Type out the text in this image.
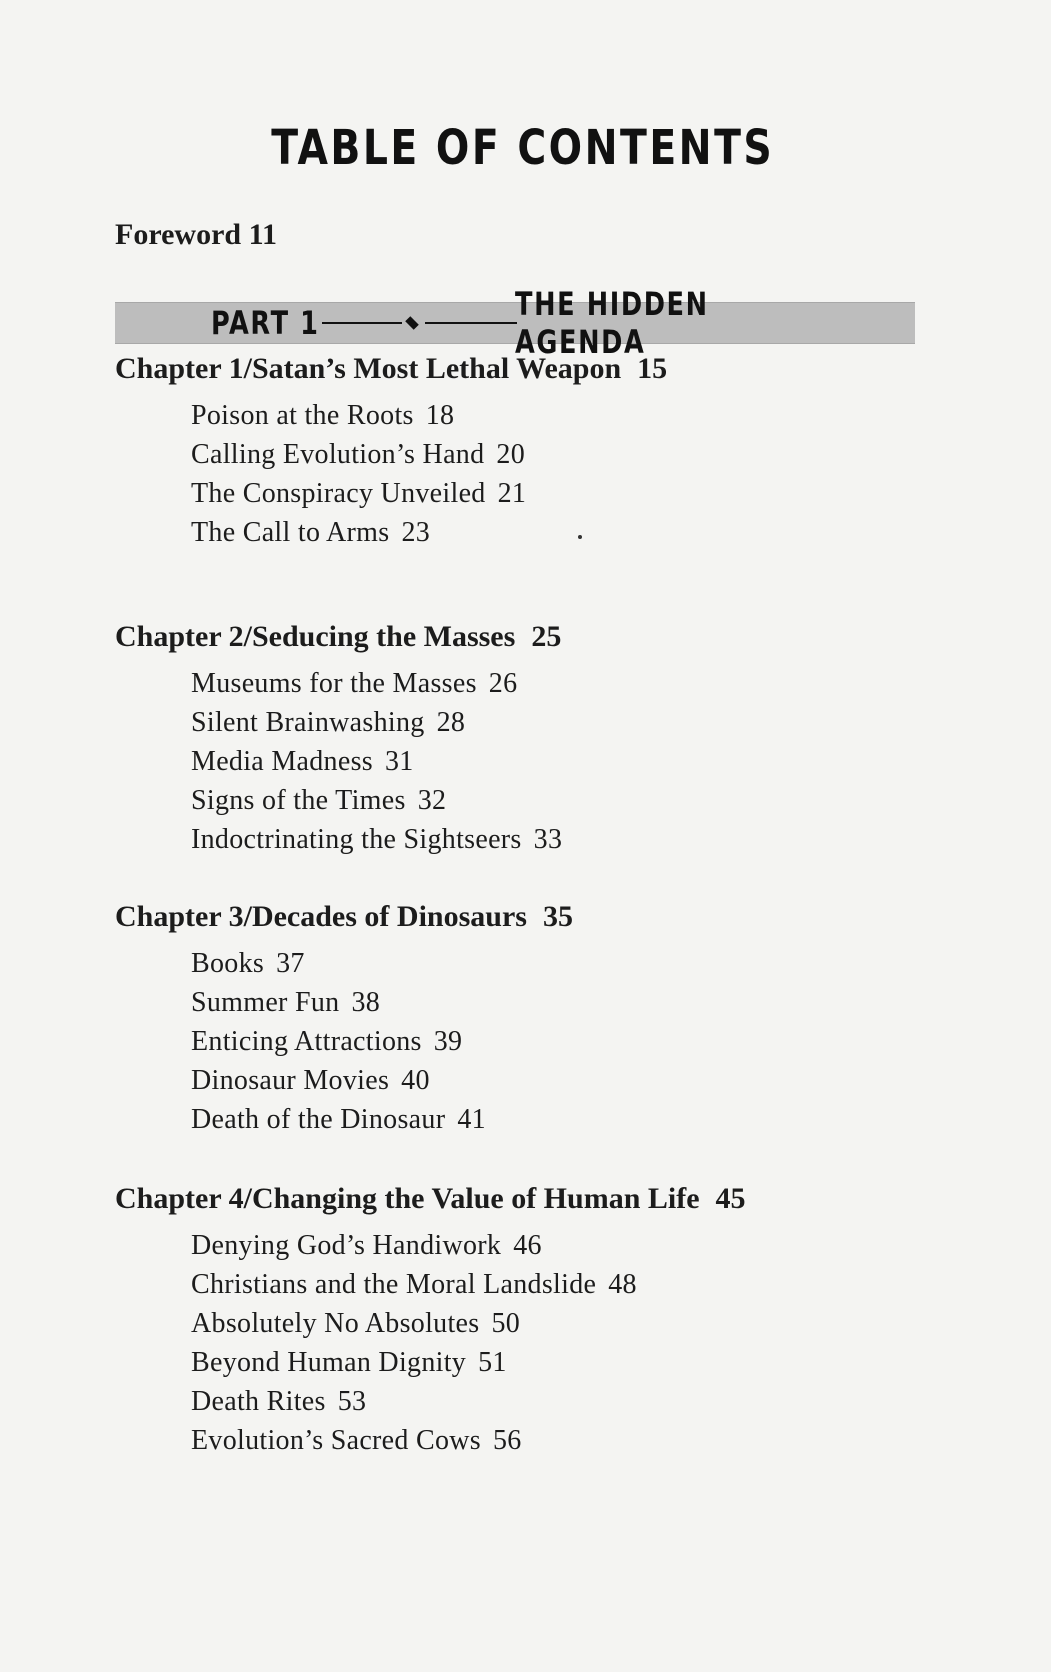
TABLE OF CONTENTS
Foreword 11
PART 1	THE HIDDEN AGENDA
Chapter 1/Satan’s Most Lethal Weapon 15
Poison at the Roots 18
Calling Evolution’s Hand 20
The Conspiracy Unveiled 21
The Call to Arms 23
Chapter 2/Seducing the Masses 25
Museums for the Masses 26
Silent Brainwashing 28
Media Madness 31
Signs of the Times 32
Indoctrinating the Sightseers 33
Chapter 3/Decades of Dinosaurs 35
Books 37
Summer Fun 38
Enticing Attractions 39
Dinosaur Movies 40
Death of the Dinosaur 41
Chapter 4/Changing the Value of Human Life 45
Denying God’s Handiwork 46
Christians and the Moral Landslide 48
Absolutely No Absolutes 50
Beyond Human Dignity 51
Death Rites 53
Evolution’s Sacred Cows 56
